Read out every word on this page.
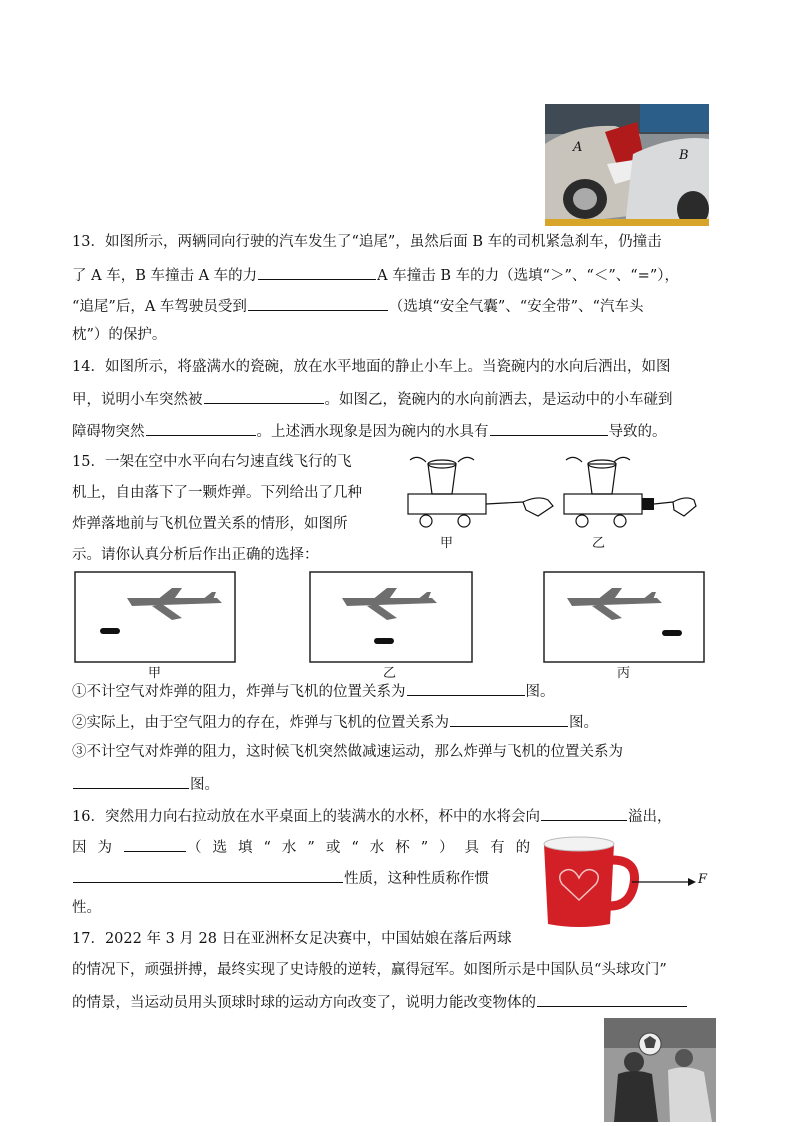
A
B
13．如图所示，两辆同向行驶的汽车发生了“追尾”，虽然后面 B 车的司机紧急刹车，仍撞击
了 A 车，B 车撞击 A 车的力	A 车撞击 B 车的力（选填“＞”、“＜”、“=”），
“追尾”后，A 车驾驶员受到	（选填“安全气囊”、“安全带”、“汽车头
枕”）的保护。
14．如图所示，将盛满水的瓷碗，放在水平地面的静止小车上。当瓷碗内的水向后洒出，如图
甲，说明小车突然被	。如图乙，瓷碗内的水向前洒去，是运动中的小车碰到
障碍物突然	。上述洒水现象是因为碗内的水具有	导致的。
甲	乙
15．一架在空中水平向右匀速直线飞行的飞
机上，自由落下了一颗炸弹。下列给出了几种
炸弹落地前与飞机位置关系的情形，如图所
示。请你认真分析后作出正确的选择：
甲	乙	丙
①不计空气对炸弹的阻力，炸弹与飞机的位置关系为	图。
②实际上，由于空气阻力的存在，炸弹与飞机的位置关系为	图。
③不计空气对炸弹的阻力，这时候飞机突然做减速运动，那么炸弹与飞机的位置关系为
图。
16．突然用力向右拉动放在水平桌面上的装满水的水杯，杯中的水将会向	溢出，
因为	（选填“水”或“水杯”）具有的
性质，这种性质称作惯
性。
F
17．2022 年 3 月 28 日在亚洲杯女足决赛中，中国姑娘在落后两球
的情况下，顽强拼搏，最终实现了史诗般的逆转，赢得冠军。如图所示是中国队员“头球攻门”
的情景，当运动员用头顶球时球的运动方向改变了，说明力能改变物体的
